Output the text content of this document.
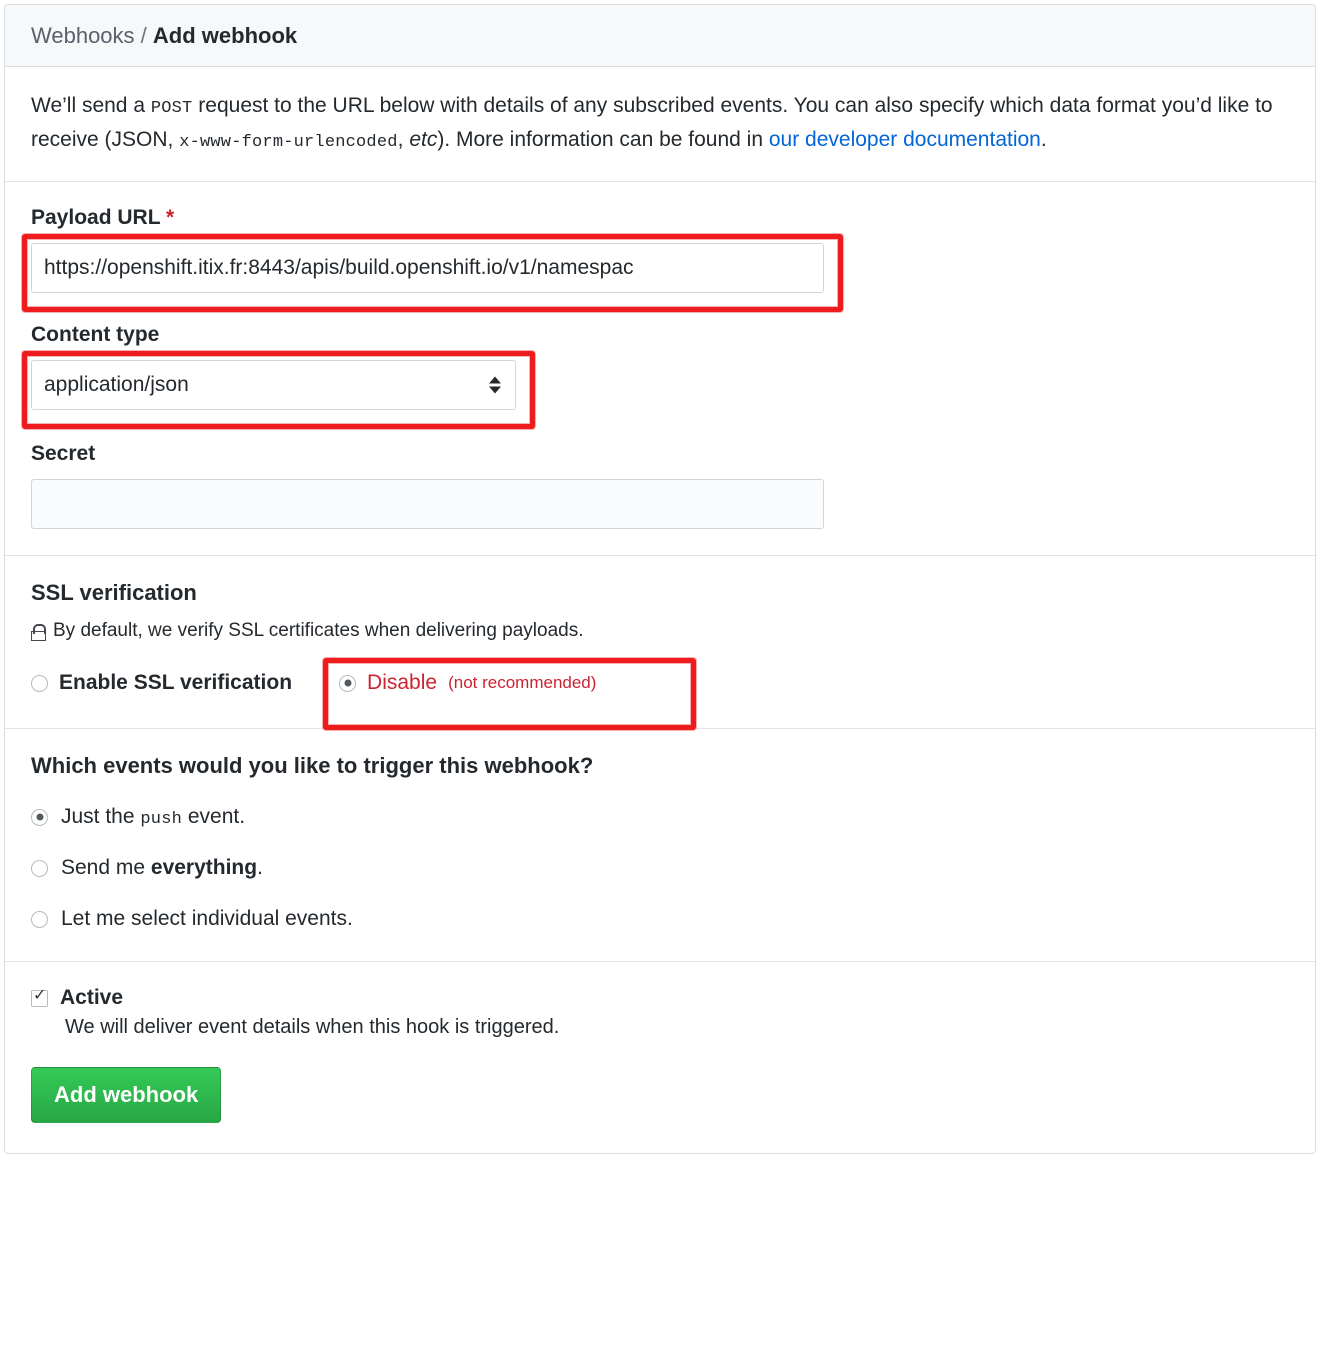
Webhooks / Add webhook
We’ll send a POST request to the URL below with details of any subscribed events. You can also specify which data format you’d like to receive (JSON, x-www-form-urlencoded, etc). More information can be found in our developer documentation.
Payload URL *
https://openshift.itix.fr:8443/apis/build.openshift.io/v1/namespac
Content type
application/json
Secret
SSL verification
By default, we verify SSL certificates when delivering payloads.
Enable SSL verification	Disable (not recommended)
Which events would you like to trigger this webhook?
Just the push event.
Send me everything.
Let me select individual events.
✓
Active
We will deliver event details when this hook is triggered.
Add webhook
